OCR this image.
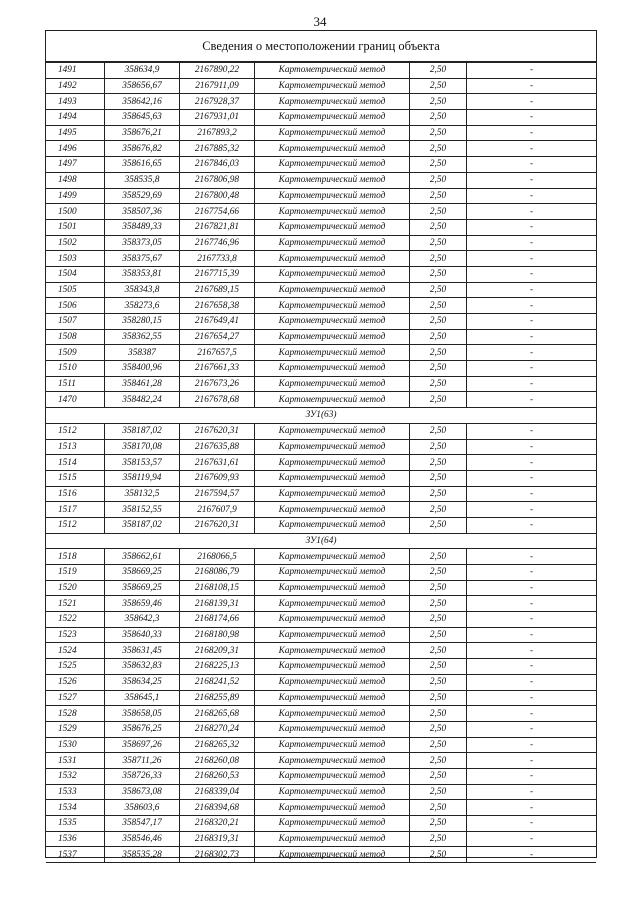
34
Сведения о местоположении границ объекта
1491	358634,9	2167890,22	Картометрический метод	2,50	-
1492	358656,67	2167911,09	Картометрический метод	2,50	-
1493	358642,16	2167928,37	Картометрический метод	2,50	-
1494	358645,63	2167931,01	Картометрический метод	2,50	-
1495	358676,21	2167893,2	Картометрический метод	2,50	-
1496	358676,82	2167885,32	Картометрический метод	2,50	-
1497	358616,65	2167846,03	Картометрический метод	2,50	-
1498	358535,8	2167806,98	Картометрический метод	2,50	-
1499	358529,69	2167800,48	Картометрический метод	2,50	-
1500	358507,36	2167754,66	Картометрический метод	2,50	-
1501	358489,33	2167821,81	Картометрический метод	2,50	-
1502	358373,05	2167746,96	Картометрический метод	2,50	-
1503	358375,67	2167733,8	Картометрический метод	2,50	-
1504	358353,81	2167715,39	Картометрический метод	2,50	-
1505	358343,8	2167689,15	Картометрический метод	2,50	-
1506	358273,6	2167658,38	Картометрический метод	2,50	-
1507	358280,15	2167649,41	Картометрический метод	2,50	-
1508	358362,55	2167654,27	Картометрический метод	2,50	-
1509	358387	2167657,5	Картометрический метод	2,50	-
1510	358400,96	2167661,33	Картометрический метод	2,50	-
1511	358461,28	2167673,26	Картометрический метод	2,50	-
1470	358482,24	2167678,68	Картометрический метод	2,50	-
ЗУ1(63)					
1512	358187,02	2167620,31	Картометрический метод	2,50	-
1513	358170,08	2167635,88	Картометрический метод	2,50	-
1514	358153,57	2167631,61	Картометрический метод	2,50	-
1515	358119,94	2167609,93	Картометрический метод	2,50	-
1516	358132,5	2167594,57	Картометрический метод	2,50	-
1517	358152,55	2167607,9	Картометрический метод	2,50	-
1512	358187,02	2167620,31	Картометрический метод	2,50	-
ЗУ1(64)					
1518	358662,61	2168066,5	Картометрический метод	2,50	-
1519	358669,25	2168086,79	Картометрический метод	2,50	-
1520	358669,25	2168108,15	Картометрический метод	2,50	-
1521	358659,46	2168139,31	Картометрический метод	2,50	-
1522	358642,3	2168174,66	Картометрический метод	2,50	-
1523	358640,33	2168180,98	Картометрический метод	2,50	-
1524	358631,45	2168209,31	Картометрический метод	2,50	-
1525	358632,83	2168225,13	Картометрический метод	2,50	-
1526	358634,25	2168241,52	Картометрический метод	2,50	-
1527	358645,1	2168255,89	Картометрический метод	2,50	-
1528	358658,05	2168265,68	Картометрический метод	2,50	-
1529	358676,25	2168270,24	Картометрический метод	2,50	-
1530	358697,26	2168265,32	Картометрический метод	2,50	-
1531	358711,26	2168260,08	Картометрический метод	2,50	-
1532	358726,33	2168260,53	Картометрический метод	2,50	-
1533	358673,08	2168339,04	Картометрический метод	2,50	-
1534	358603,6	2168394,68	Картометрический метод	2,50	-
1535	358547,17	2168320,21	Картометрический метод	2,50	-
1536	358546,46	2168319,31	Картометрический метод	2,50	-
1537	358535,28	2168302,73	Картометрический метод	2,50	-
